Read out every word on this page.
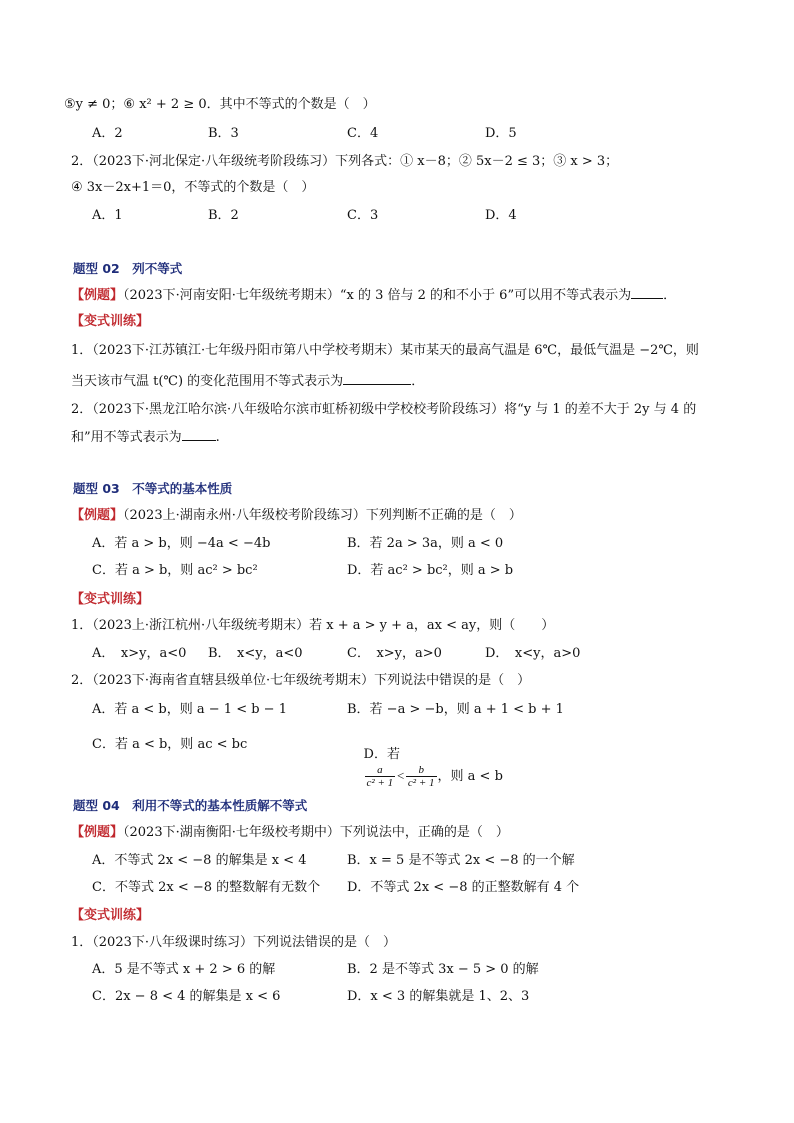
⑤y ≠ 0；⑥ x² + 2 ≥ 0．其中不等式的个数是（　）
A．2	B．3	C．4	D．5
2．（2023下·河北保定·八年级统考阶段练习）下列各式：① x－8；② 5x－2 ≤ 3；③ x > 3；
④ 3x－2x+1＝0，不等式的个数是（　）
A．1	B．2	C．3	D．4
题型 02　列不等式
【例题】（2023下·河南安阳·七年级统考期末）“x 的 3 倍与 2 的和不小于 6”可以用不等式表示为 ．
【变式训练】
1．（2023下·江苏镇江·七年级丹阳市第八中学校考期末）某市某天的最高气温是 6℃，最低气温是 −2℃，则
当天该市气温 t(℃) 的变化范围用不等式表示为	．
2．（2023下·黑龙江哈尔滨·八年级哈尔滨市虹桥初级中学校校考阶段练习）将“y 与 1 的差不大于 2y 与 4 的
和”用不等式表示为	.
题型 03　不等式的基本性质
【例题】（2023上·湖南永州·八年级校考阶段练习）下列判断不正确的是（　）
A．若 a > b，则 −4a < −4b	B．若 2a > 3a，则 a < 0
C．若 a > b，则 ac² > bc²	D．若 ac² > bc²，则 a > b
【变式训练】
1．（2023上·浙江杭州·八年级统考期末）若 x + a > y + a，ax < ay，则（　　）
A．　x>y，a<0 B．　x<y，a<0	C．　x>y，a>0	D．　x<y，a>0
2．（2023下·海南省直辖县级单位·七年级统考期末）下列说法中错误的是（　）
A．若 a < b，则 a − 1 < b − 1	B．若 −a > −b，则 a + 1 < b + 1
C．若 a < b，则 ac < bc

D．若

$\frac{a}{\text{c² + 1}} < \frac{b}{\text{c² + 1}}$ ，则 a < b

题型 04　利用不等式的基本性质解不等式
【例题】（2023下·湖南衡阳·七年级校考期中）下列说法中，正确的是（　）
A．不等式 2x < −8 的解集是 x < 4	B．x = 5 是不等式 2x < −8 的一个解
C．不等式 2x < −8 的整数解有无数个 D．不等式 2x < −8 的正整数解有 4 个
【变式训练】
1．（2023下·八年级课时练习）下列说法错误的是（　）
A．5 是不等式 x + 2 > 6 的解	B．2 是不等式 3x − 5 > 0 的解
C．2x − 8 < 4 的解集是 x < 6	D．x < 3 的解集就是 1、2、3
